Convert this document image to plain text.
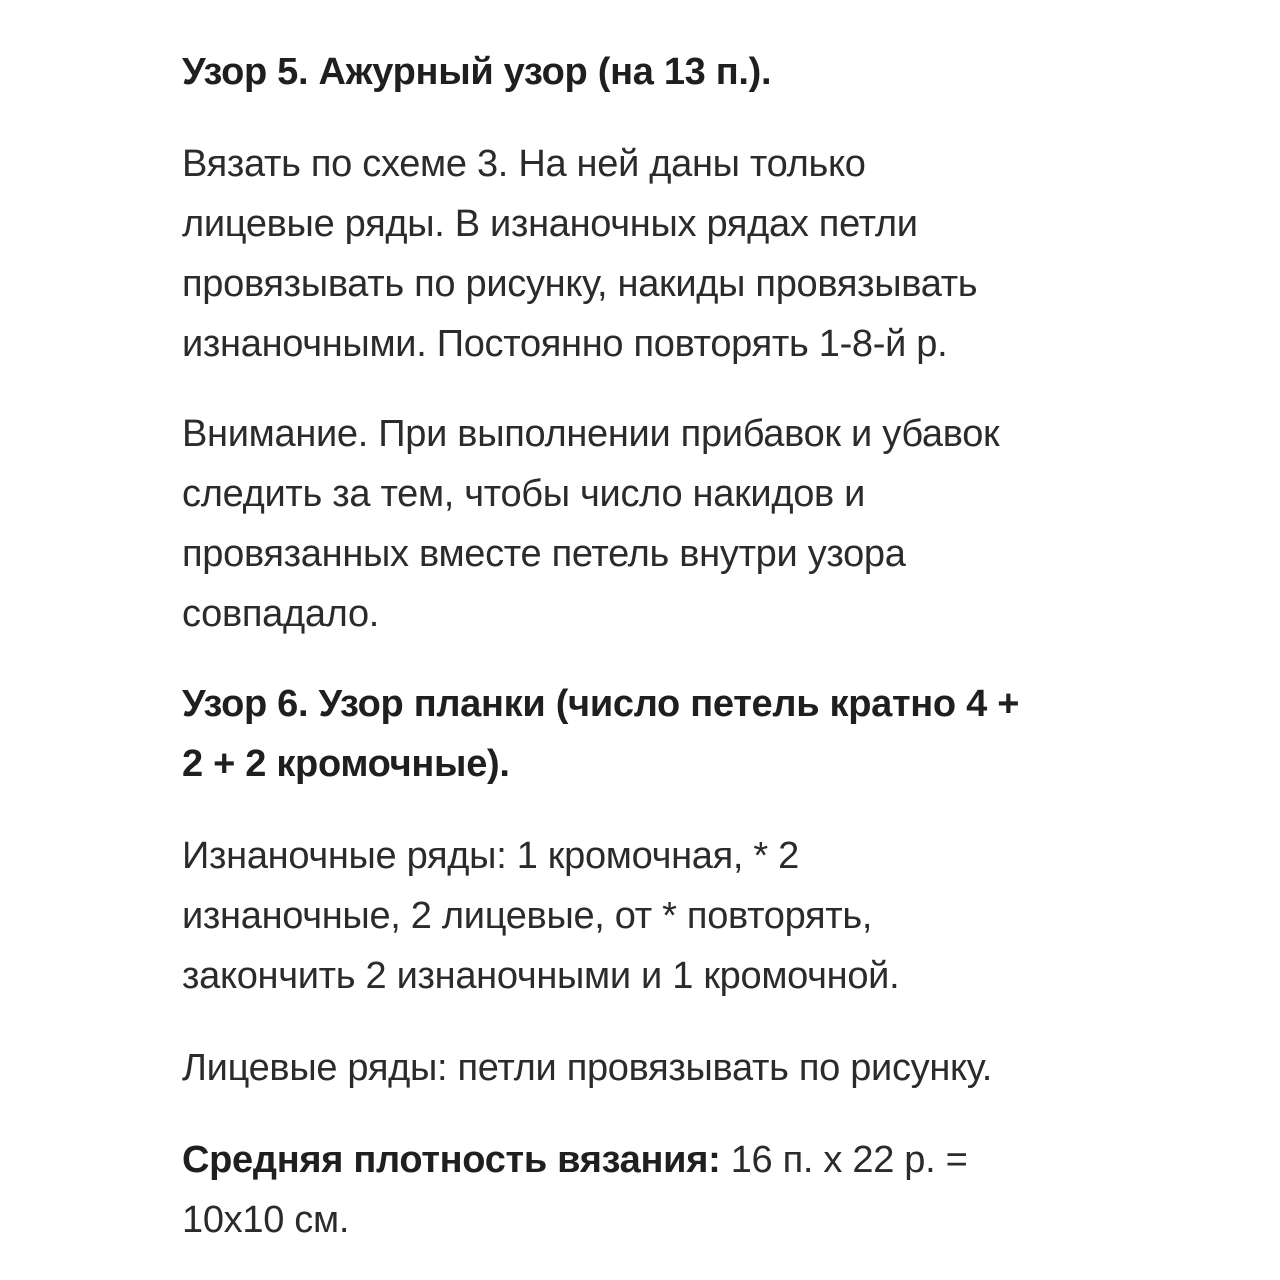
Узор 5. Ажурный узор (на 13 п.).
Вязать по схеме 3. На ней даны только
лицевые ряды. В изнаночных рядах петли
провязывать по рисунку, накиды провязывать
изнаночными. Постоянно повторять 1-8-й р.
Внимание. При выполнении прибавок и убавок
следить за тем, чтобы число накидов и
провязанных вместе петель внутри узора
совпадало.
Узор 6. Узор планки (число петель кратно 4 +
2 + 2 кромочные).
Изнаночные ряды: 1 кромочная, * 2
изнаночные, 2 лицевые, от * повторять,
закончить 2 изнаночными и 1 кромочной.
Лицевые ряды: петли провязывать по рисунку.
Средняя плотность вязания: 16 п. х 22 р. =
10х10 см.
